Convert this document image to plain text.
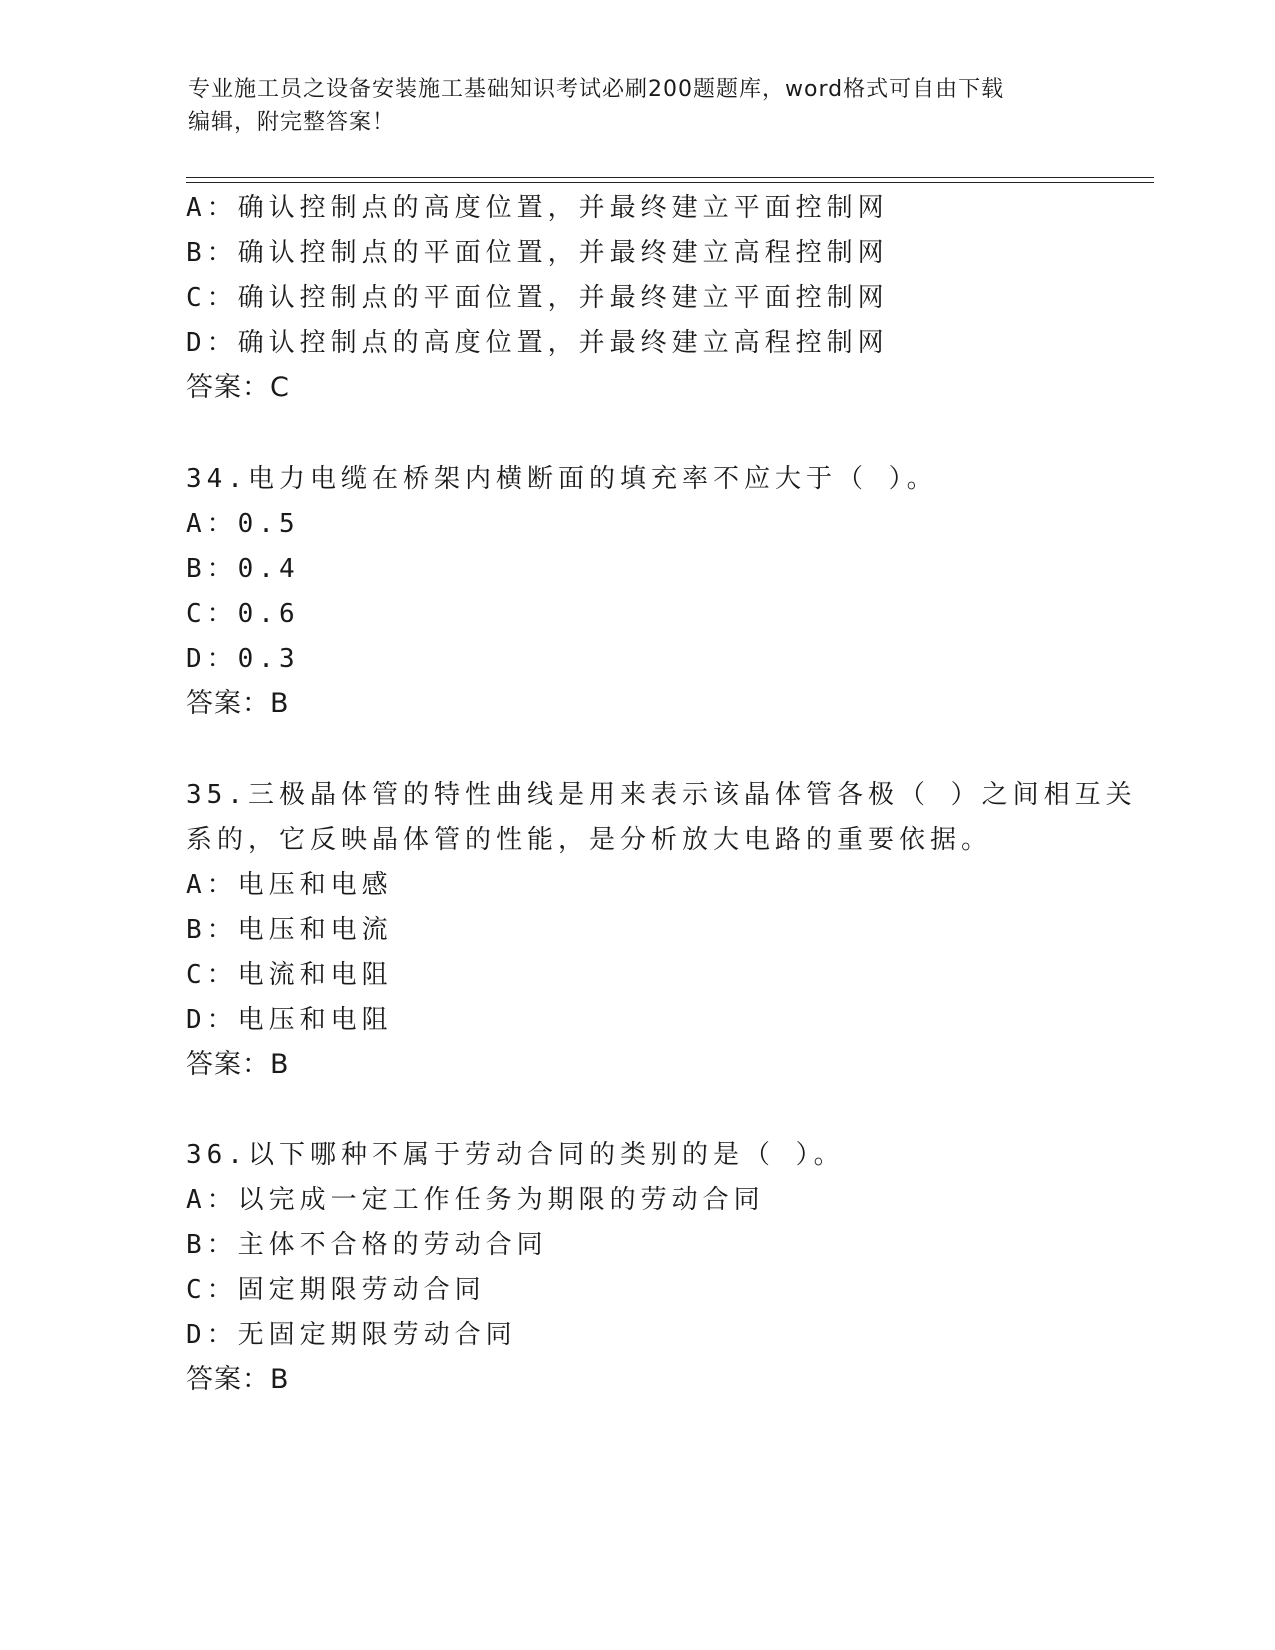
专业施工员之设备安装施工基础知识考试必刷200题题库，word格式可自由下载
编辑，附完整答案！
A：确认控制点的高度位置，并最终建立平面控制网
B：确认控制点的平面位置，并最终建立高程控制网
C：确认控制点的平面位置，并最终建立平面控制网
D：确认控制点的高度位置，并最终建立高程控制网
答案：C
34.电力电缆在桥架内横断面的填充率不应大于（ ）。
A：0.5
B：0.4
C：0.6
D：0.3
答案：B
35.三极晶体管的特性曲线是用来表示该晶体管各极（ ）之间相互关
系的，它反映晶体管的性能，是分析放大电路的重要依据。
A：电压和电感
B：电压和电流
C：电流和电阻
D：电压和电阻
答案：B
36.以下哪种不属于劳动合同的类别的是（ ）。
A：以完成一定工作任务为期限的劳动合同
B：主体不合格的劳动合同
C：固定期限劳动合同
D：无固定期限劳动合同
答案：B
